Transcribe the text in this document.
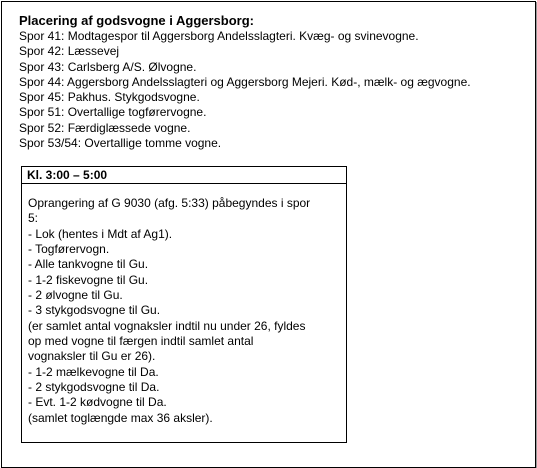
Placering af godsvogne i Aggersborg:
Spor 41: Modtagespor til Aggersborg Andelsslagteri. Kvæg- og svinevogne.
Spor 42: Læssevej
Spor 43: Carlsberg A/S. Ølvogne.
Spor 44: Aggersborg Andelsslagteri og Aggersborg Mejeri. Kød-, mælk- og ægvogne.
Spor 45: Pakhus. Stykgodsvogne.
Spor 51: Overtallige togførervogne.
Spor 52: Færdiglæssede vogne.
Spor 53/54: Overtallige tomme vogne.
Kl. 3:00 – 5:00
Oprangering af G 9030 (afg. 5:33) påbegyndes i spor
5:
- Lok (hentes i Mdt af Ag1).
- Togførervogn.
- Alle tankvogne til Gu.
- 1-2 fiskevogne til Gu.
- 2 ølvogne til Gu.
- 3 stykgodsvogne til Gu.
(er samlet antal vognaksler indtil nu under 26, fyldes
op med vogne til færgen indtil samlet antal
vognaksler til Gu er 26).
- 1-2 mælkevogne til Da.
- 2 stykgodsvogne til Da.
- Evt. 1-2 kødvogne til Da.
(samlet toglængde max 36 aksler).
